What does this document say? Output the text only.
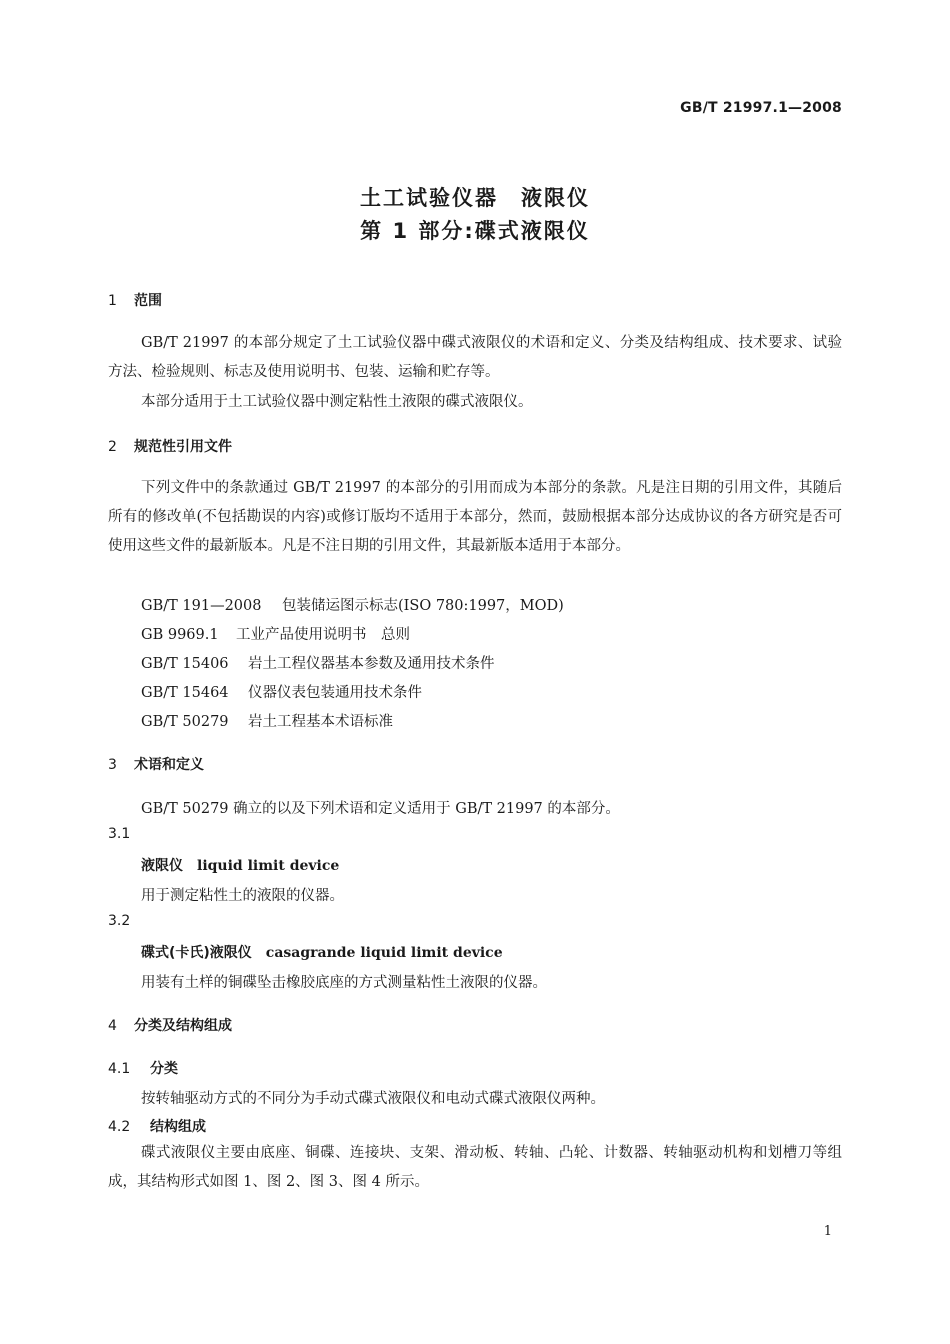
GB/T 21997.1—2008
土工试验仪器　液限仪
第 1 部分:碟式液限仪
1 范围
GB/T 21997 的本部分规定了土工试验仪器中碟式液限仪的术语和定义、分类及结构组成、技术要求、试验方法、检验规则、标志及使用说明书、包装、运输和贮存等。
本部分适用于土工试验仪器中测定粘性土液限的碟式液限仪。
2 规范性引用文件
下列文件中的条款通过 GB/T 21997 的本部分的引用而成为本部分的条款。凡是注日期的引用文件，其随后所有的修改单(不包括勘误的内容)或修订版均不适用于本部分，然而，鼓励根据本部分达成协议的各方研究是否可使用这些文件的最新版本。凡是不注日期的引用文件，其最新版本适用于本部分。
GB/T 191—2008 包装储运图示标志(ISO 780:1997，MOD)
GB 9969.1 工业产品使用说明书　总则
GB/T 15406 岩土工程仪器基本参数及通用技术条件
GB/T 15464 仪器仪表包装通用技术条件
GB/T 50279 岩土工程基本术语标准
3 术语和定义
GB/T 50279 确立的以及下列术语和定义适用于 GB/T 21997 的本部分。
3.1
液限仪 liquid limit device
用于测定粘性土的液限的仪器。
3.2
碟式(卡氏)液限仪 casagrande liquid limit device
用装有土样的铜碟坠击橡胶底座的方式测量粘性土液限的仪器。
4 分类及结构组成
4.1 分类
按转轴驱动方式的不同分为手动式碟式液限仪和电动式碟式液限仪两种。
4.2 结构组成
碟式液限仪主要由底座、铜碟、连接块、支架、滑动板、转轴、凸轮、计数器、转轴驱动机构和划槽刀等组成，其结构形式如图 1、图 2、图 3、图 4 所示。
1
